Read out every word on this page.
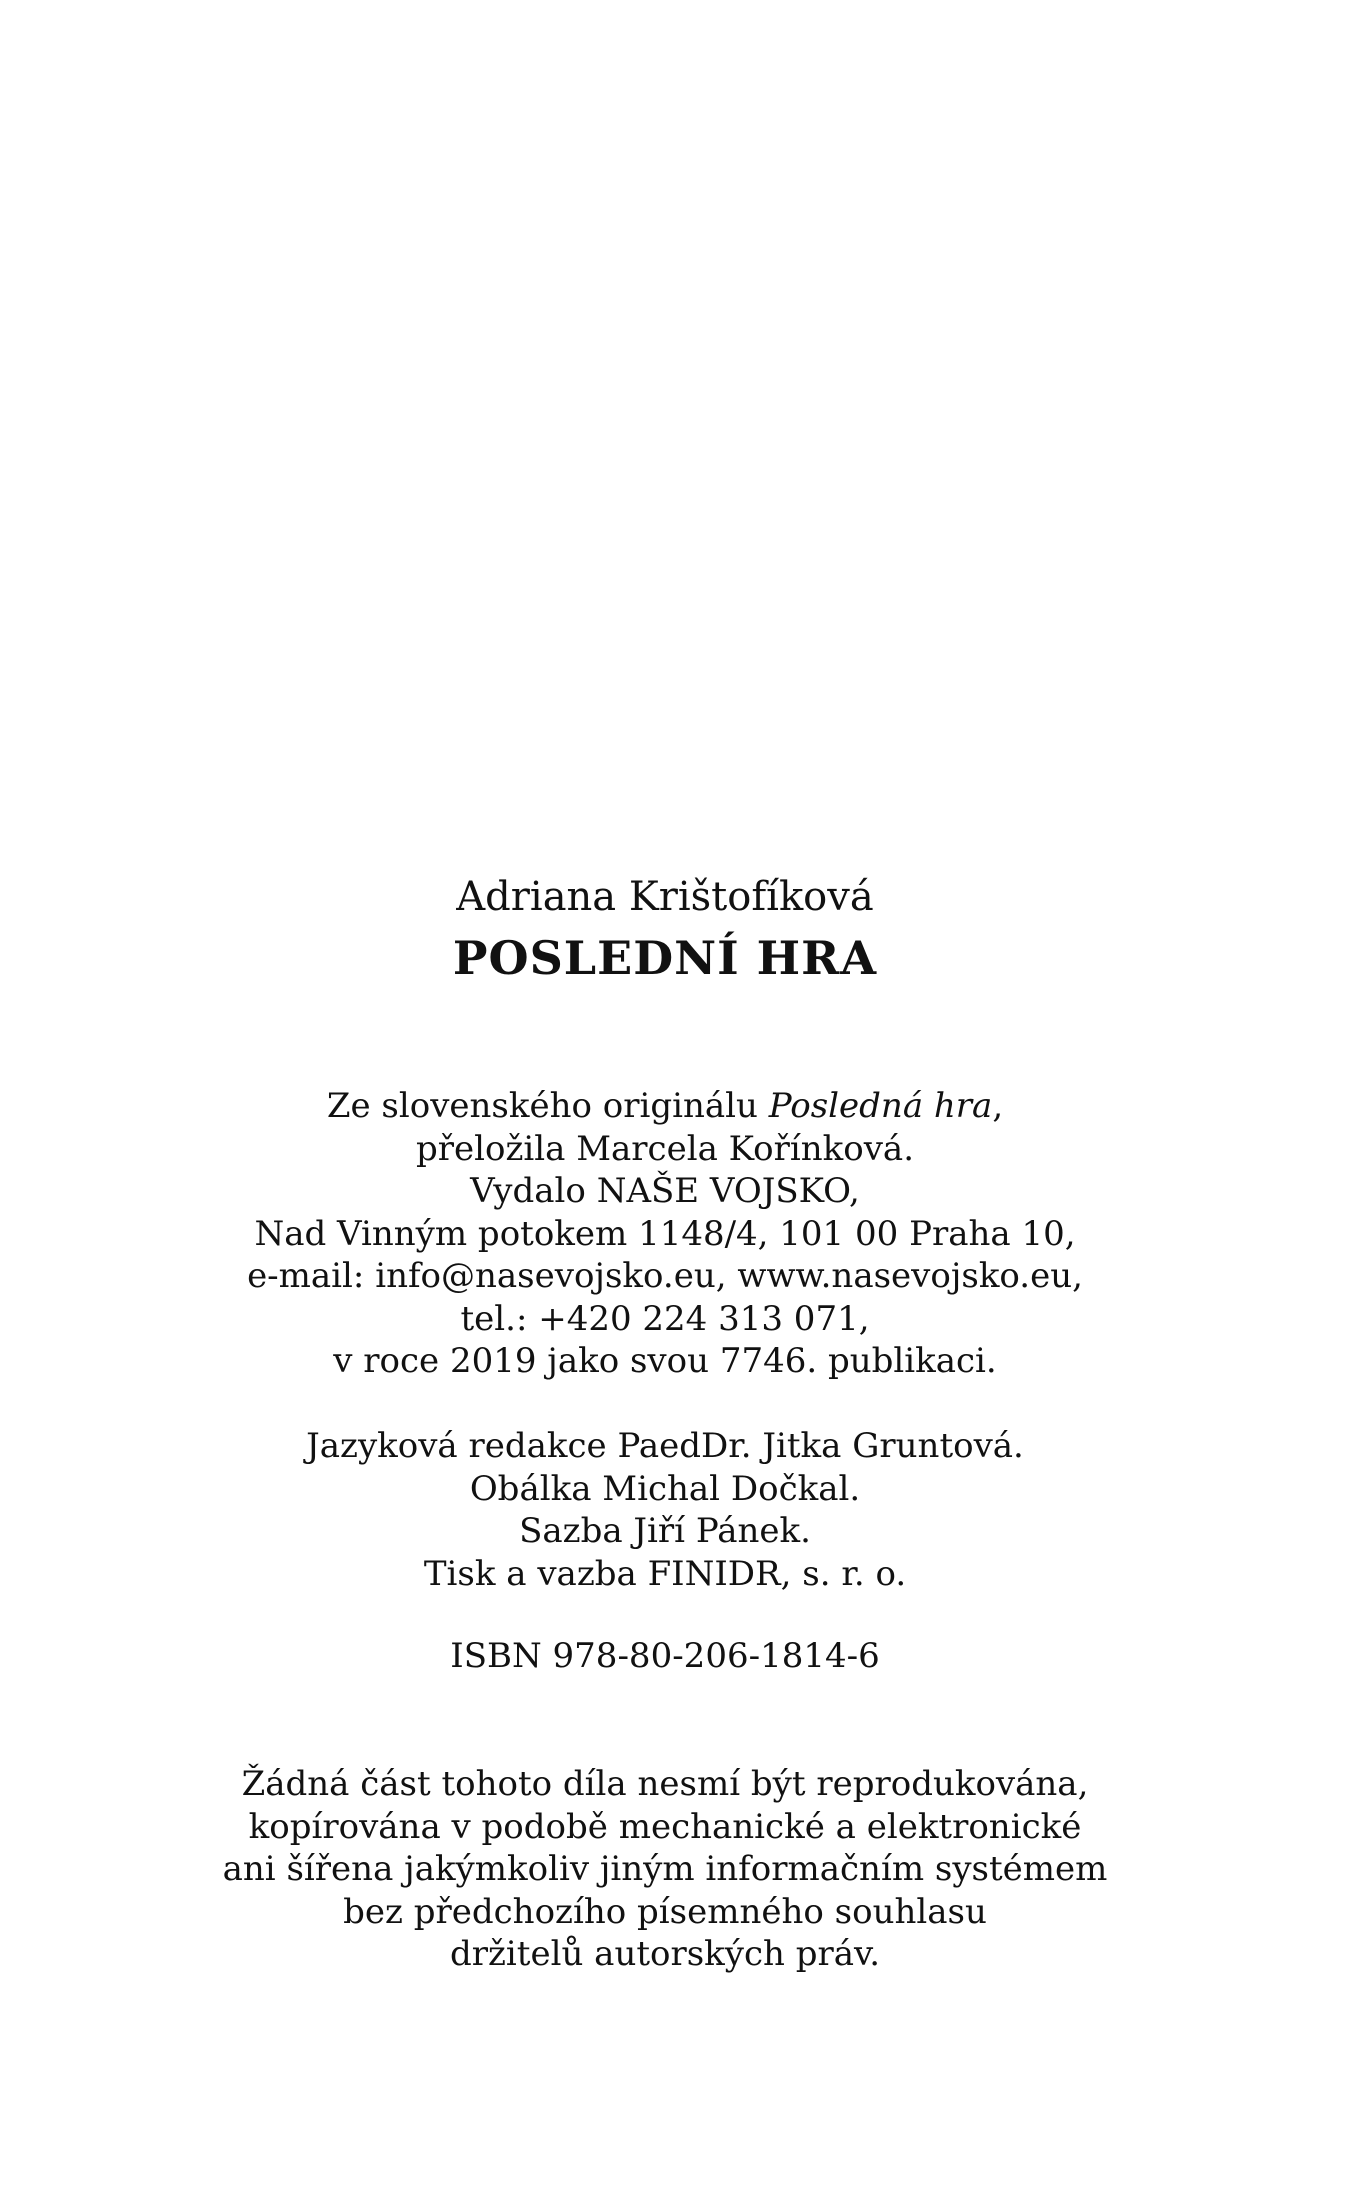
Adriana Krištofíková
POSLEDNÍ HRA
Ze slovenského originálu Posledná hra,
přeložila Marcela Kořínková.
Vydalo NAŠE VOJSKO,
Nad Vinným potokem 1148/4, 101 00 Praha 10,
e-mail: info@nasevojsko.eu, www.nasevojsko.eu,
tel.: +420 224 313 071,
v roce 2019 jako svou 7746. publikaci.
Jazyková redakce PaedDr. Jitka Gruntová.
Obálka Michal Dočkal.
Sazba Jiří Pánek.
Tisk a vazba FINIDR, s. r. o.
ISBN 978-80-206-1814-6
Žádná část tohoto díla nesmí být reprodukována,
kopírována v podobě mechanické a elektronické
ani šířena jakýmkoliv jiným informačním systémem
bez předchozího písemného souhlasu
držitelů autorských práv.
